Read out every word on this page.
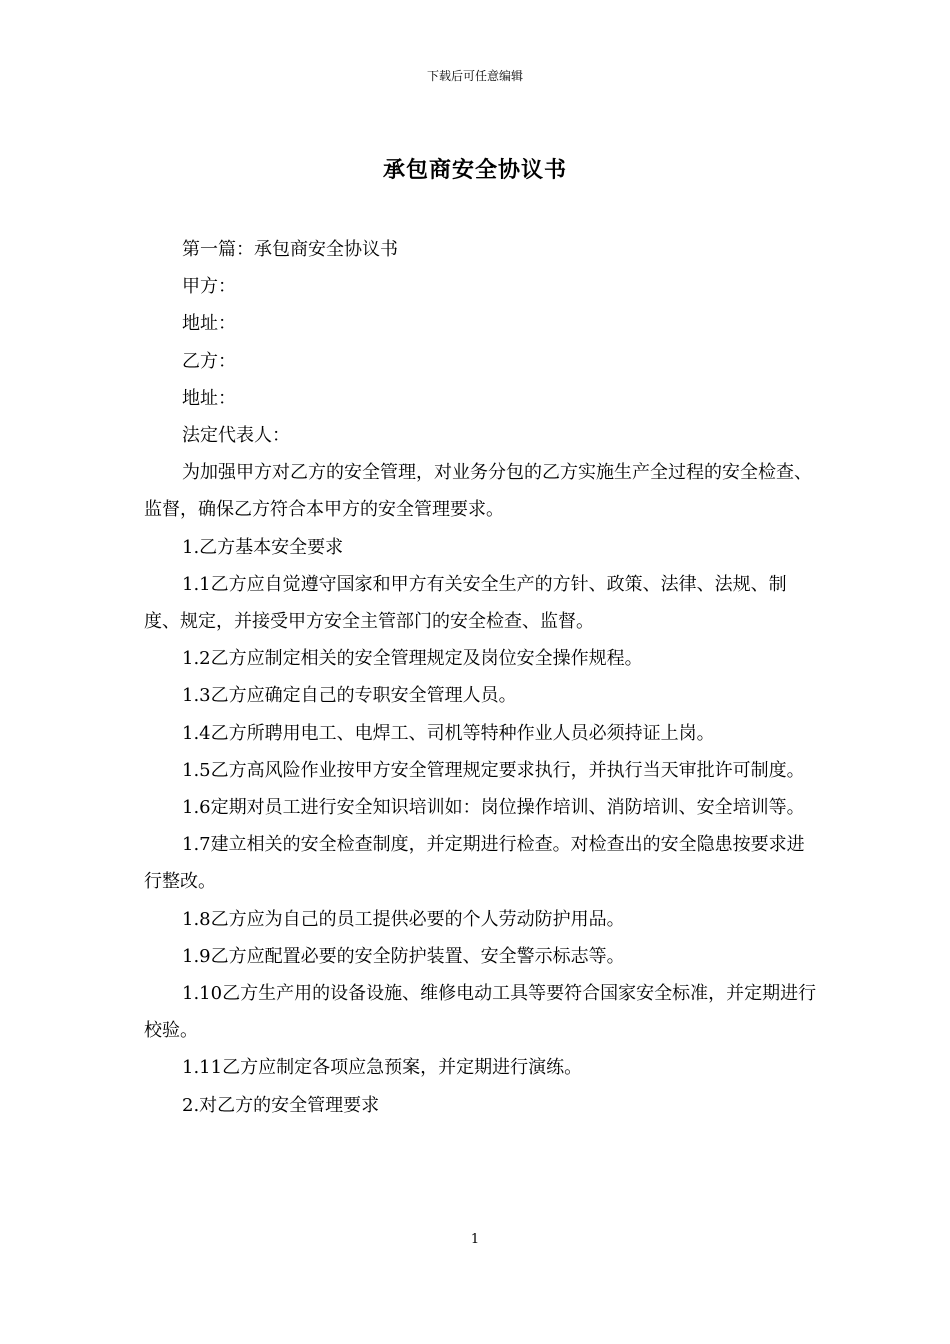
下载后可任意编辑
承包商安全协议书

第一篇：承包商安全协议书

甲方：

地址：

乙方：

地址：

法定代表人：

为加强甲方对乙方的安全管理，对业务分包的乙方实施生产全过程的安全检查、监督，确保乙方符合本甲方的安全管理要求。

1.乙方基本安全要求

1.1乙方应自觉遵守国家和甲方有关安全生产的方针、政策、法律、法规、制度、规定，并接受甲方安全主管部门的安全检查、监督。

1.2乙方应制定相关的安全管理规定及岗位安全操作规程。

1.3乙方应确定自己的专职安全管理人员。

1.4乙方所聘用电工、电焊工、司机等特种作业人员必须持证上岗。

1.5乙方高风险作业按甲方安全管理规定要求执行，并执行当天审批许可制度。

1.6定期对员工进行安全知识培训如：岗位操作培训、消防培训、安全培训等。

1.7建立相关的安全检查制度，并定期进行检查。对检查出的安全隐患按要求进行整改。

1.8乙方应为自己的员工提供必要的个人劳动防护用品。

1.9乙方应配置必要的安全防护装置、安全警示标志等。

1.10乙方生产用的设备设施、维修电动工具等要符合国家安全标准，并定期进行校验。

1.11乙方应制定各项应急预案，并定期进行演练。

2.对乙方的安全管理要求

1
